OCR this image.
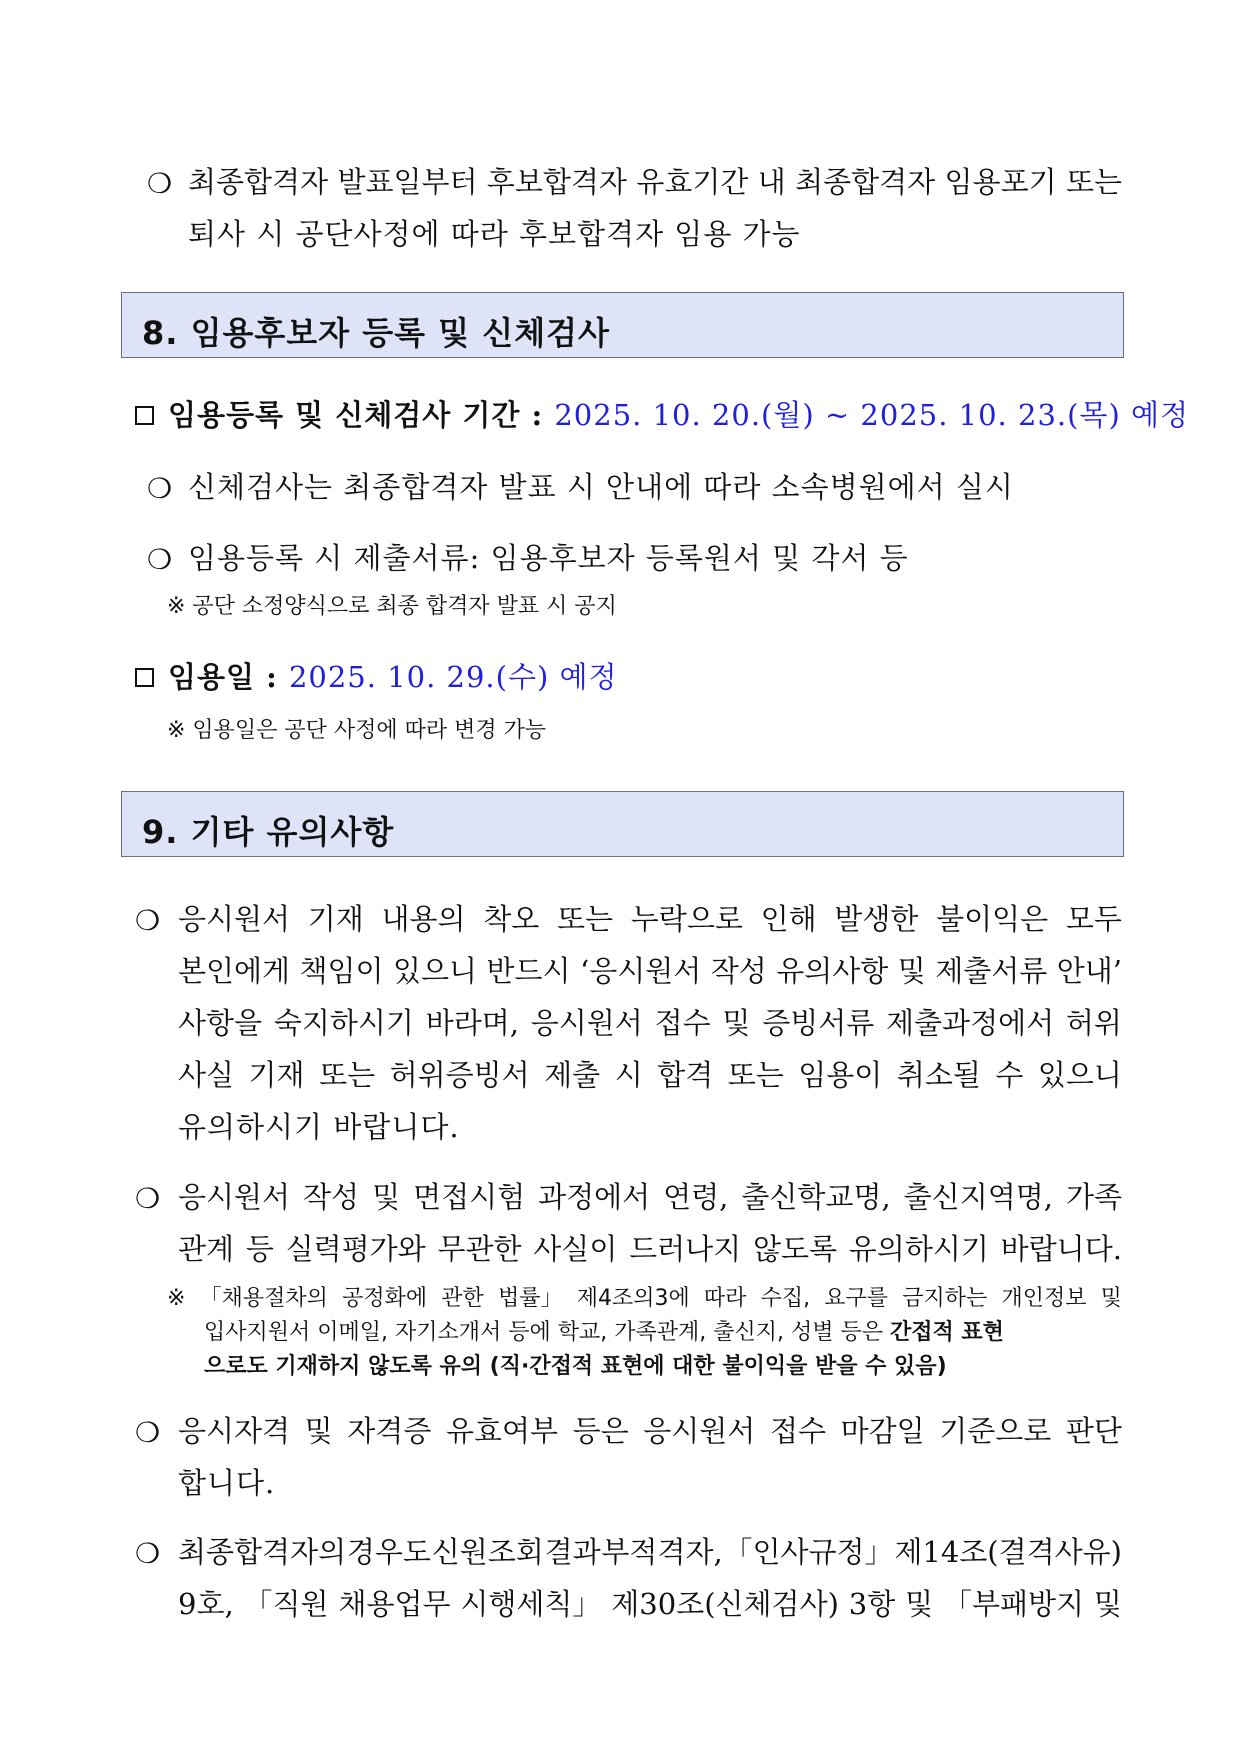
❍ 최종합격자 발표일부터 후보합격자 유효기간 내 최종합격자 임용포기 또는
퇴사 시 공단사정에 따라 후보합격자 임용 가능
8. 임용후보자 등록 및 신체검사
임용등록 및 신체검사 기간 : 2025. 10. 20.(월) ~ 2025. 10. 23.(목) 예정
❍ 신체검사는 최종합격자 발표 시 안내에 따라 소속병원에서 실시
❍ 임용등록 시 제출서류: 임용후보자 등록원서 및 각서 등
※ 공단 소정양식으로 최종 합격자 발표 시 공지
임용일 : 2025. 10. 29.(수) 예정
※ 임용일은 공단 사정에 따라 변경 가능
9. 기타 유의사항
❍ 응시원서 기재 내용의 착오 또는 누락으로 인해 발생한 불이익은 모두
본인에게 책임이 있으니 반드시 ‘응시원서 작성 유의사항 및 제출서류 안내’
사항을 숙지하시기 바라며, 응시원서 접수 및 증빙서류 제출과정에서 허위
사실 기재 또는 허위증빙서 제출 시 합격 또는 임용이 취소될 수 있으니
유의하시기 바랍니다.
❍ 응시원서 작성 및 면접시험 과정에서 연령, 출신학교명, 출신지역명, 가족
관계 등 실력평가와 무관한 사실이 드러나지 않도록 유의하시기 바랍니다.
※ 「채용절차의 공정화에 관한 법률」 제4조의3에 따라 수집, 요구를 금지하는 개인정보 및
입사지원서 이메일, 자기소개서 등에 학교, 가족관계, 출신지, 성별 등은 간접적 표현
으로도 기재하지 않도록 유의 (직·간접적 표현에 대한 불이익을 받을 수 있음)
❍ 응시자격 및 자격증 유효여부 등은 응시원서 접수 마감일 기준으로 판단
합니다.
❍ 최종합격자의 경우도 신원조회 결과 부적격자, 「인사규정」 제14조(결격사유)
9호, 「직원 채용업무 시행세칙」 제30조(신체검사) 3항 및 「부패방지 및
